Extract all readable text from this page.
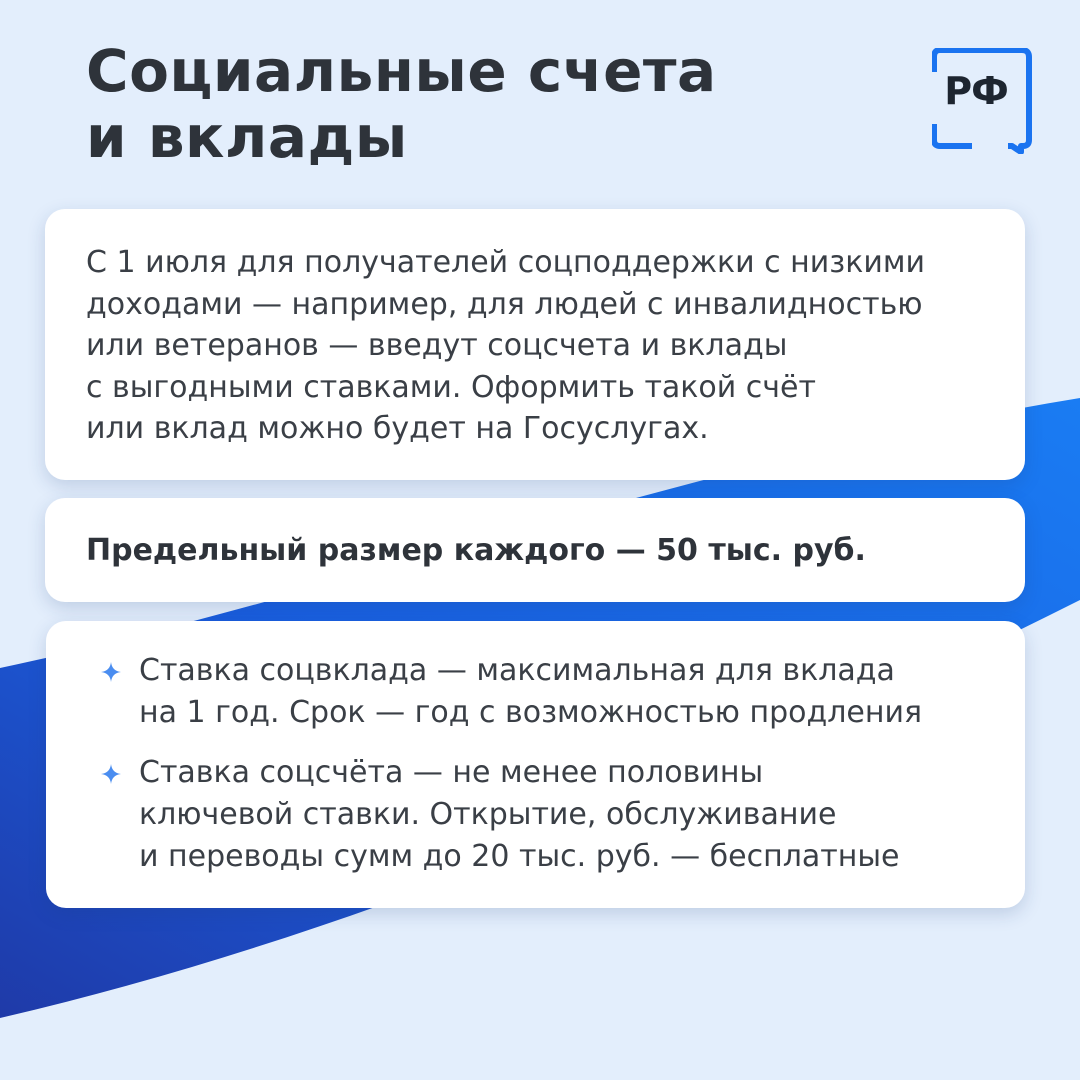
Социальные счета
и вклады
РФ
С 1 июля для получателей соцподдержки с низкими
доходами — например, для людей с инвалидностью
или ветеранов — введут соцсчета и вклады
с выгодными ставками. Оформить такой счёт
или вклад можно будет на Госуслугах.
Предельный размер каждого — 50 тыс. руб.
Ставка соцвклада — максимальная для вклада
на 1 год. Срок — год с возможностью продления
Ставка соцсчёта — не менее половины
ключевой ставки. Открытие, обслуживание
и переводы сумм до 20 тыс. руб. — бесплатные
